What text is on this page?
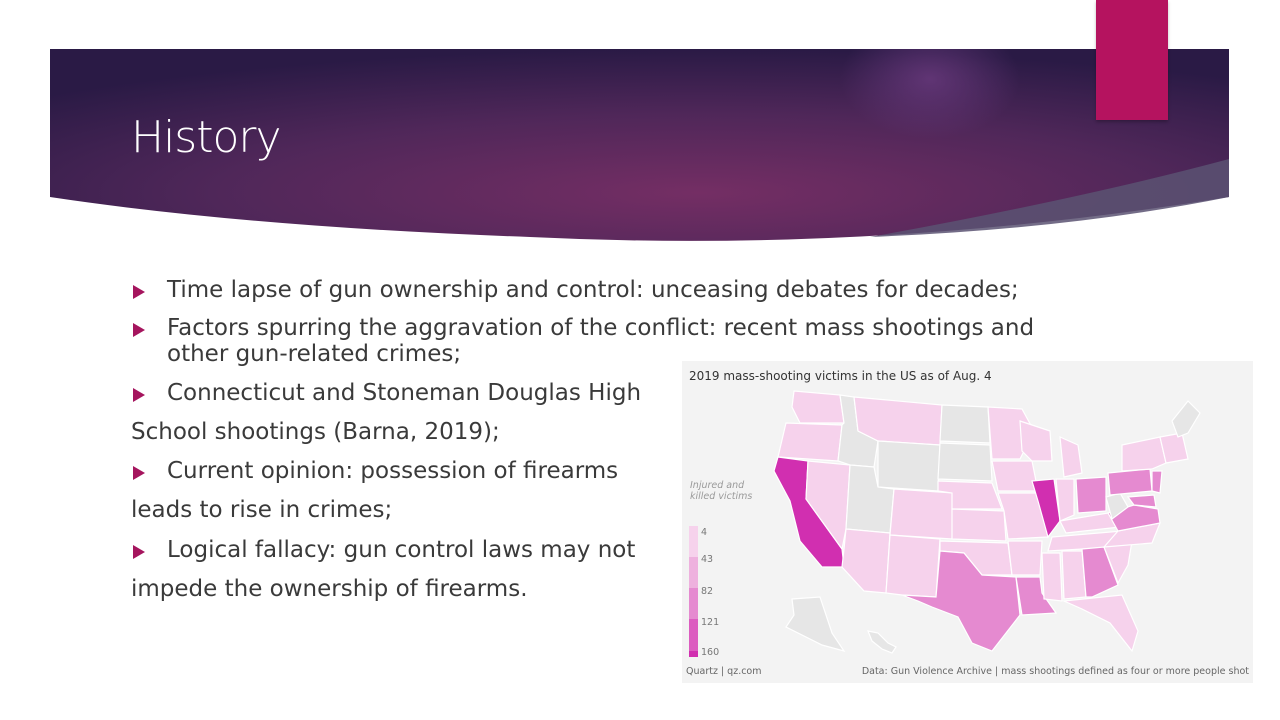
History
Time lapse of gun ownership and control: unceasing debates for decades;
Factors spurring the aggravation of the conflict: recent mass shootings and
other gun-related crimes;
Connecticut and Stoneman Douglas High
School shootings (Barna, 2019);
Current opinion: possession of firearms
leads to rise in crimes;
Logical fallacy: gun control laws may not
impede the ownership of firearms.
2019 mass-shooting victims in the US as of Aug. 4
Injured and killed victims
4
43
82
121
160
Quartz | qz.com	Data: Gun Violence Archive | mass shootings defined as four or more people shot
